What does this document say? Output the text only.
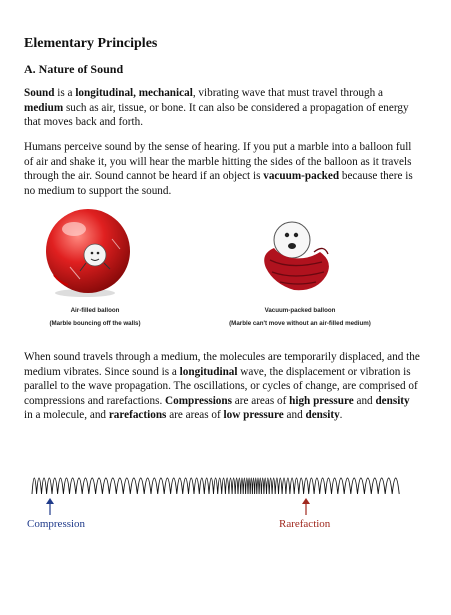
Elementary Principles
A. Nature of Sound
Sound is a longitudinal, mechanical, vibrating wave that must travel through a medium such as air, tissue, or bone. It can also be considered a propagation of energy that moves back and forth.
Humans perceive sound by the sense of hearing. If you put a marble into a balloon full of air and shake it, you will hear the marble hitting the sides of the balloon as it travels through the air. Sound cannot be heard if an object is vacuum-packed because there is no medium to support the sound.
Air-filled balloon
(Marble bouncing off the walls)
Vacuum-packed balloon
(Marble can't move without an air-filled medium)
When sound travels through a medium, the molecules are temporarily displaced, and the medium vibrates. Since sound is a longitudinal wave, the displacement or vibration is parallel to the wave propagation. The oscillations, or cycles of change, are comprised of compressions and rarefactions. Compressions are areas of high pressure and density in a molecule, and rarefactions are areas of low pressure and density.
Compression	Rarefaction
